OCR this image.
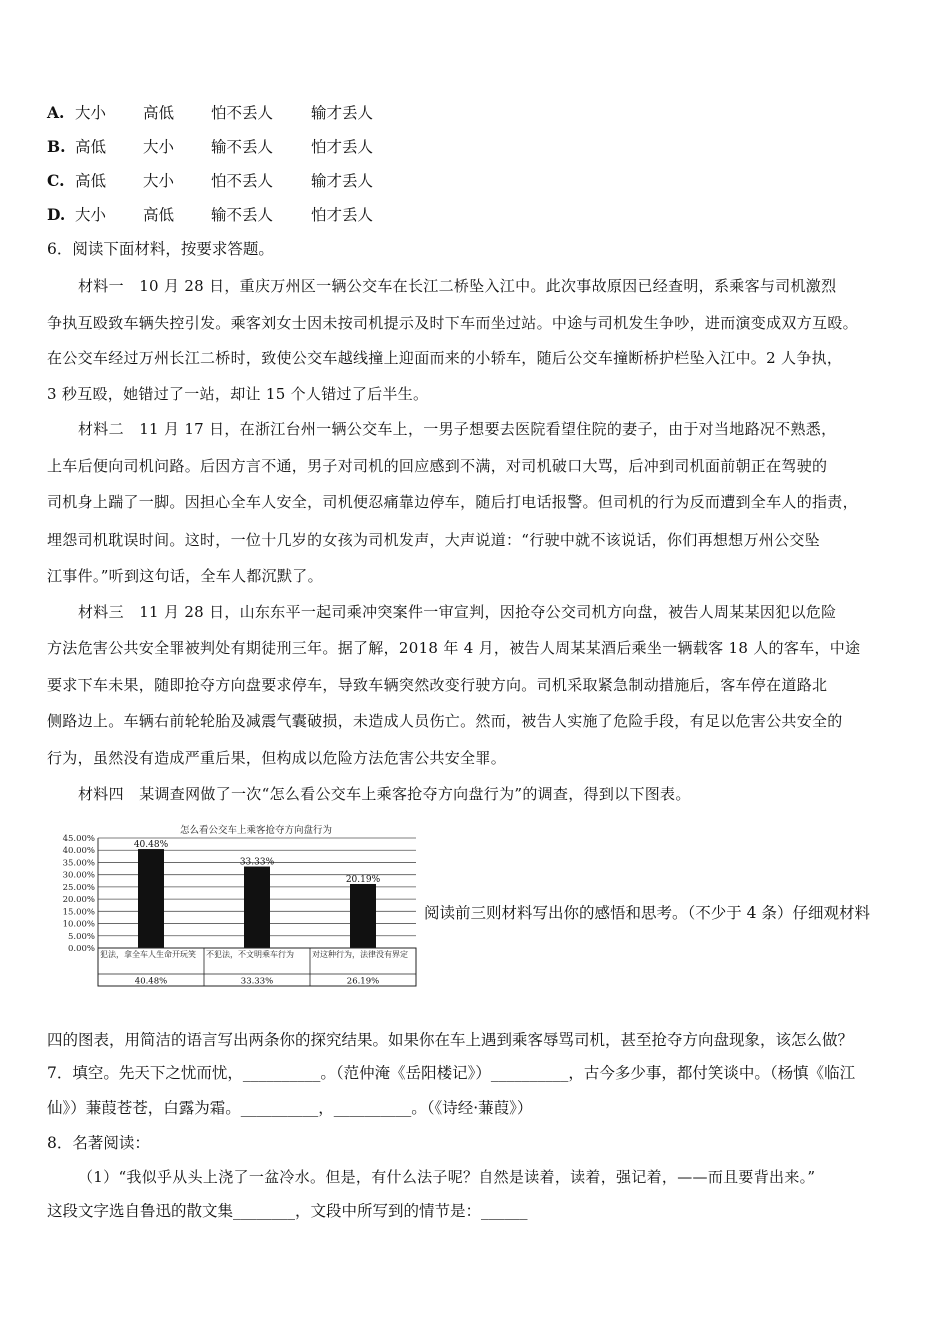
A. 大小 高低 怕不丢人 输才丢人
B. 高低 大小 输不丢人 怕才丢人
C. 高低 大小 怕不丢人 输才丢人
D. 大小 高低 输不丢人 怕才丢人
6．阅读下面材料，按要求答题。
材料一　10 月 28 日，重庆万州区一辆公交车在长江二桥坠入江中。此次事故原因已经查明，系乘客与司机激烈
争执互殴致车辆失控引发。乘客刘女士因未按司机提示及时下车而坐过站。中途与司机发生争吵，进而演变成双方互殴。
在公交车经过万州长江二桥时，致使公交车越线撞上迎面而来的小轿车，随后公交车撞断桥护栏坠入江中。2 人争执，
3 秒互殴，她错过了一站，却让 15 个人错过了后半生。
材料二　11 月 17 日，在浙江台州一辆公交车上，一男子想要去医院看望住院的妻子，由于对当地路况不熟悉，
上车后便向司机问路。后因方言不通，男子对司机的回应感到不满，对司机破口大骂，后冲到司机面前朝正在驾驶的
司机身上踹了一脚。因担心全车人安全，司机便忍痛靠边停车，随后打电话报警。但司机的行为反而遭到全车人的指责，
埋怨司机耽误时间。这时，一位十几岁的女孩为司机发声，大声说道：“行驶中就不该说话，你们再想想万州公交坠
江事件。”听到这句话，全车人都沉默了。
材料三　11 月 28 日，山东东平一起司乘冲突案件一审宣判，因抢夺公交司机方向盘，被告人周某某因犯以危险
方法危害公共安全罪被判处有期徒刑三年。据了解，2018 年 4 月，被告人周某某酒后乘坐一辆载客 18 人的客车，中途
要求下车未果，随即抢夺方向盘要求停车，导致车辆突然改变行驶方向。司机采取紧急制动措施后，客车停在道路北
侧路边上。车辆右前轮轮胎及减震气囊破损，未造成人员伤亡。然而，被告人实施了危险手段，有足以危害公共安全的
行为，虽然没有造成严重后果，但构成以危险方法危害公共安全罪。
材料四　某调查网做了一次“怎么看公交车上乘客抢夺方向盘行为”的调查，得到以下图表。
怎么看公交车上乘客抢夺方向盘行为
45.00%
40.00%
35.00%
30.00%
25.00%
20.00%
15.00%
10.00%
5.00%
0.00%
40.48%
33.33%
20.19%
犯法，拿全车人生命开玩笑
40.48%
不犯法，不文明乘车行为
33.33%
对这种行为，法律没有界定
26.19%
阅读前三则材料写出你的感悟和思考。（不少于 4 条）仔细观材料
四的图表，用简洁的语言写出两条你的探究结果。如果你在车上遇到乘客辱骂司机，甚至抢夺方向盘现象，该怎么做？
7．填空。先天下之忧而忧，__________。（范仲淹《岳阳楼记》）__________，古今多少事，都付笑谈中。（杨慎《临江
仙》）蒹葭苍苍，白露为霜。__________，__________。（《诗经·蒹葭》）
8．名著阅读：
（1）“我似乎从头上浇了一盆冷水。但是，有什么法子呢？自然是读着，读着，强记着，——而且要背出来。”
这段文字选自鲁迅的散文集________，文段中所写到的情节是：______
